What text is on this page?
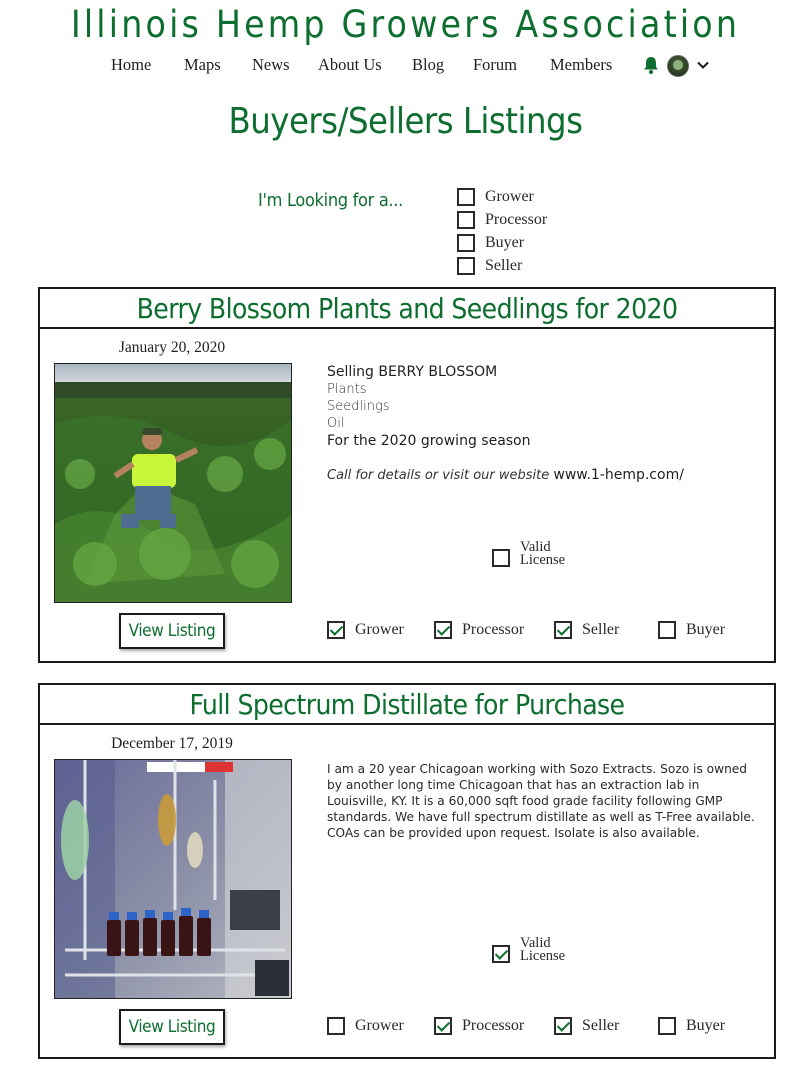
Illinois Hemp Growers Association
Home Maps News About Us Blog Forum Members
Buyers/Sellers Listings
I'm Looking for a...	Grower
Processor
Buyer
Seller
Berry Blossom Plants and Seedlings for 2020
January 20, 2020
View Listing
Selling BERRY BLOSSOM
Plants
Seedlings
Oil
For the 2020 growing season
Call for details or visit our website www.1-hemp.com/
Valid
License
Grower	Processor	Seller	Buyer
Full Spectrum Distillate for Purchase
December 17, 2019
View Listing
I am a 20 year Chicagoan working with Sozo Extracts. Sozo is owned by another long time Chicagoan that has an extraction lab in Louisville, KY. It is a 60,000 sqft food grade facility following GMP standards. We have full spectrum distillate as well as T-Free available. COAs can be provided upon request. Isolate is also available.
Valid
License
Grower	Processor	Seller	Buyer
